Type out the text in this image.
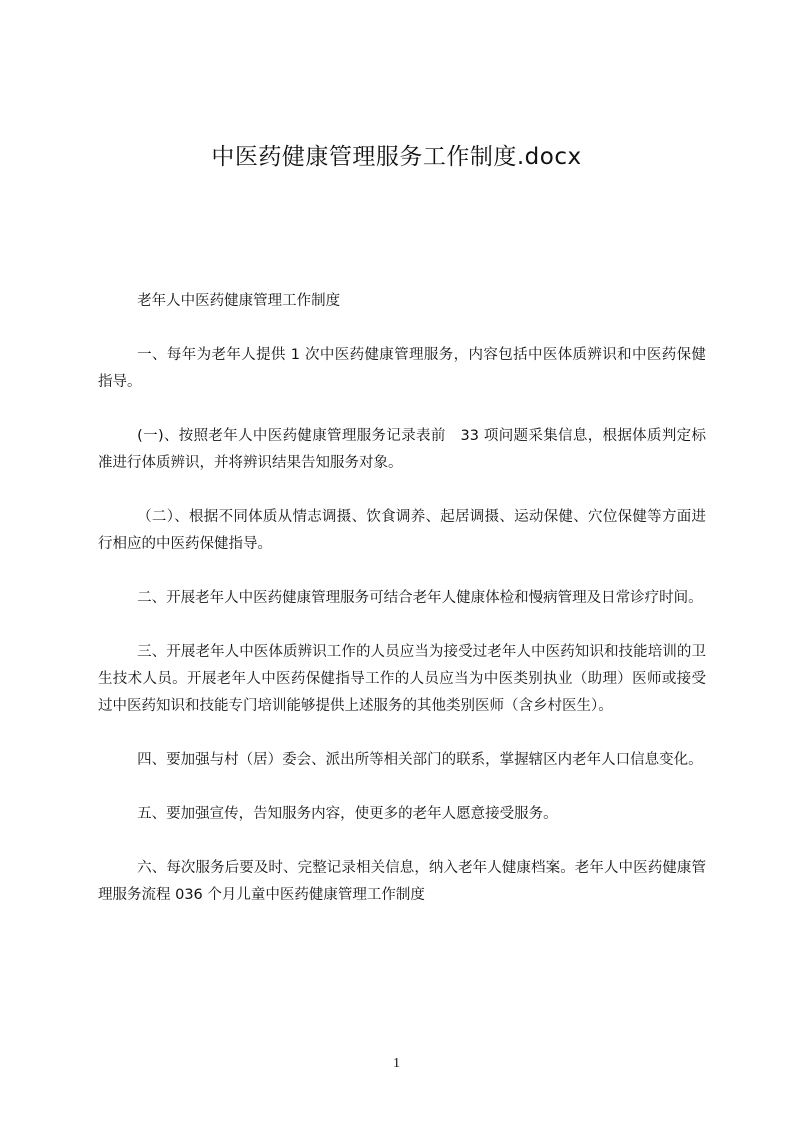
中医药健康管理服务工作制度.docx

老年人中医药健康管理工作制度

一、每年为老年人提供 1 次中医药健康管理服务，内容包括中医体质辨识和中医药保健指导。

(一)、按照老年人中医药健康管理服务记录表前　33 项问题采集信息，根据体质判定标准进行体质辨识，并将辨识结果告知服务对象。

（二）、根据不同体质从情志调摄、饮食调养、起居调摄、运动保健、穴位保健等方面进行相应的中医药保健指导。

二、开展老年人中医药健康管理服务可结合老年人健康体检和慢病管理及日常诊疗时间。

三、开展老年人中医体质辨识工作的人员应当为接受过老年人中医药知识和技能培训的卫生技术人员。开展老年人中医药保健指导工作的人员应当为中医类别执业（助理）医师或接受过中医药知识和技能专门培训能够提供上述服务的其他类别医师（含乡村医生）。

四、要加强与村（居）委会、派出所等相关部门的联系，掌握辖区内老年人口信息变化。

五、要加强宣传，告知服务内容，使更多的老年人愿意接受服务。

六、每次服务后要及时、完整记录相关信息，纳入老年人健康档案。老年人中医药健康管理服务流程 036 个月儿童中医药健康管理工作制度

1
